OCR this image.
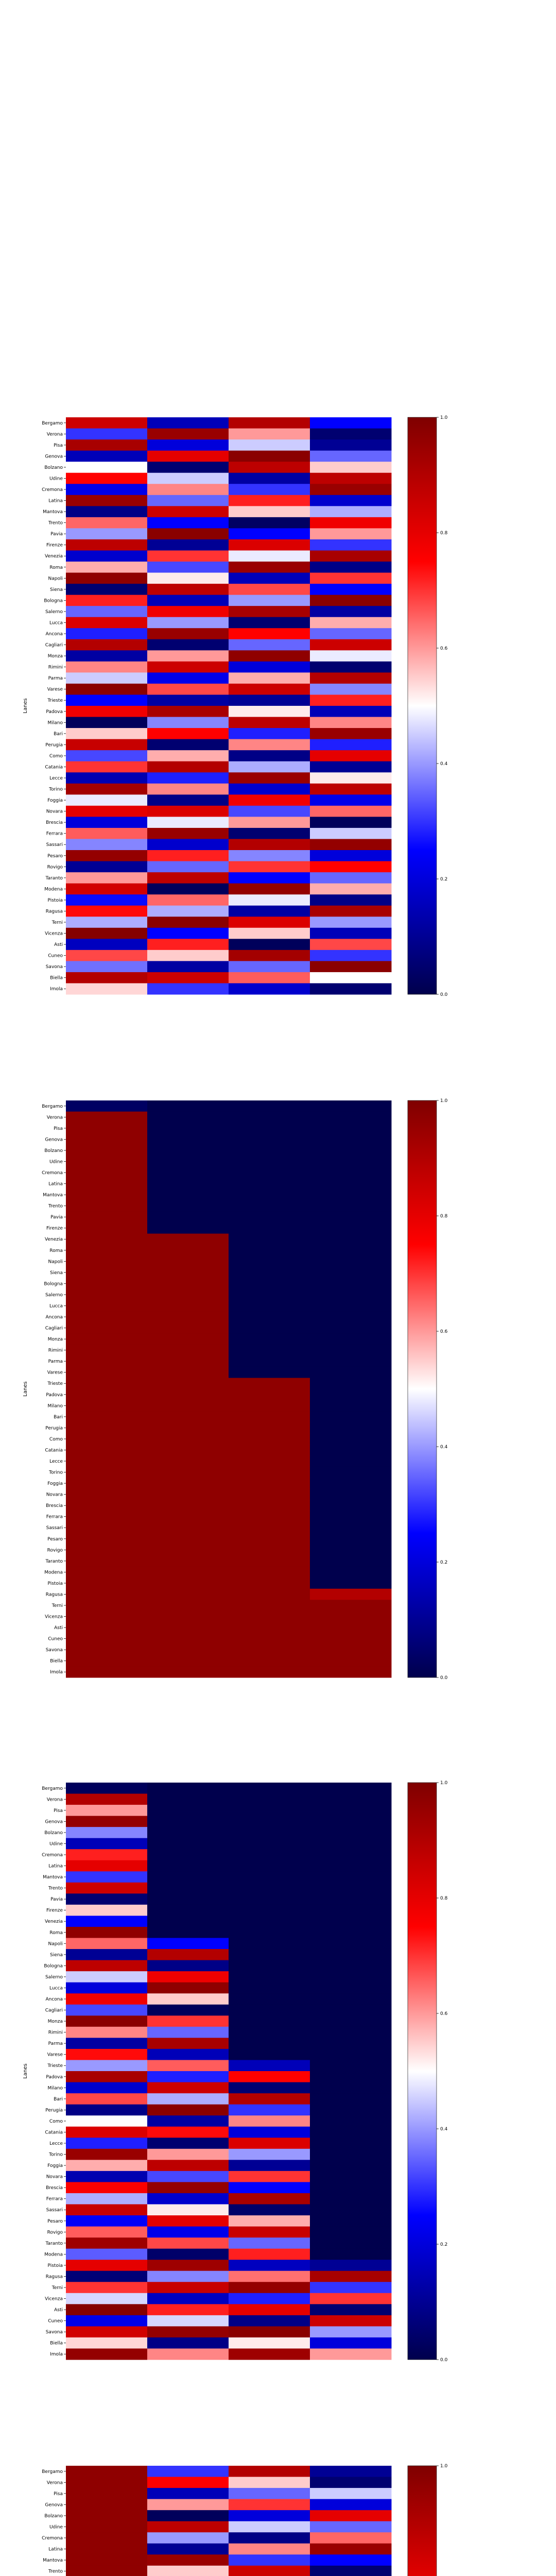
Bergamo
Verona
Pisa
Genova
Bolzano
Udine
Cremona
Latina
Mantova
Trento
Pavia
Firenze
Venezia
Roma
Napoli
Siena
Bologna
Salerno
Lucca
Ancona
Cagliari
Monza
Rimini
Parma
Varese
Trieste
Padova
Milano
Bari
Perugia
Como
Catania
Lecce
Torino
Foggia
Novara
Brescia
Ferrara
Sassari
Pesaro
Rovigo
Taranto
Modena
Pistoia
Ragusa
Terni
Vicenza
Asti
Cuneo
Savona
Biella
Imola
Lanes
0.0
0.2
0.4
0.6
0.8
1.0
Bergamo
Verona
Pisa
Genova
Bolzano
Udine
Cremona
Latina
Mantova
Trento
Pavia
Firenze
Venezia
Roma
Napoli
Siena
Bologna
Salerno
Lucca
Ancona
Cagliari
Monza
Rimini
Parma
Varese
Trieste
Padova
Milano
Bari
Perugia
Como
Catania
Lecce
Torino
Foggia
Novara
Brescia
Ferrara
Sassari
Pesaro
Rovigo
Taranto
Modena
Pistoia
Ragusa
Terni
Vicenza
Asti
Cuneo
Savona
Biella
Imola
Lanes
0.0
0.2
0.4
0.6
0.8
1.0
Bergamo
Verona
Pisa
Genova
Bolzano
Udine
Cremona
Latina
Mantova
Trento
Pavia
Firenze
Venezia
Roma
Napoli
Siena
Bologna
Salerno
Lucca
Ancona
Cagliari
Monza
Rimini
Parma
Varese
Trieste
Padova
Milano
Bari
Perugia
Como
Catania
Lecce
Torino
Foggia
Novara
Brescia
Ferrara
Sassari
Pesaro
Rovigo
Taranto
Modena
Pistoia
Ragusa
Terni
Vicenza
Asti
Cuneo
Savona
Biella
Imola
Lanes
0.0
0.2
0.4
0.6
0.8
1.0
Bergamo
Verona
Pisa
Genova
Bolzano
Udine
Cremona
Latina
Mantova
Trento
1.0
